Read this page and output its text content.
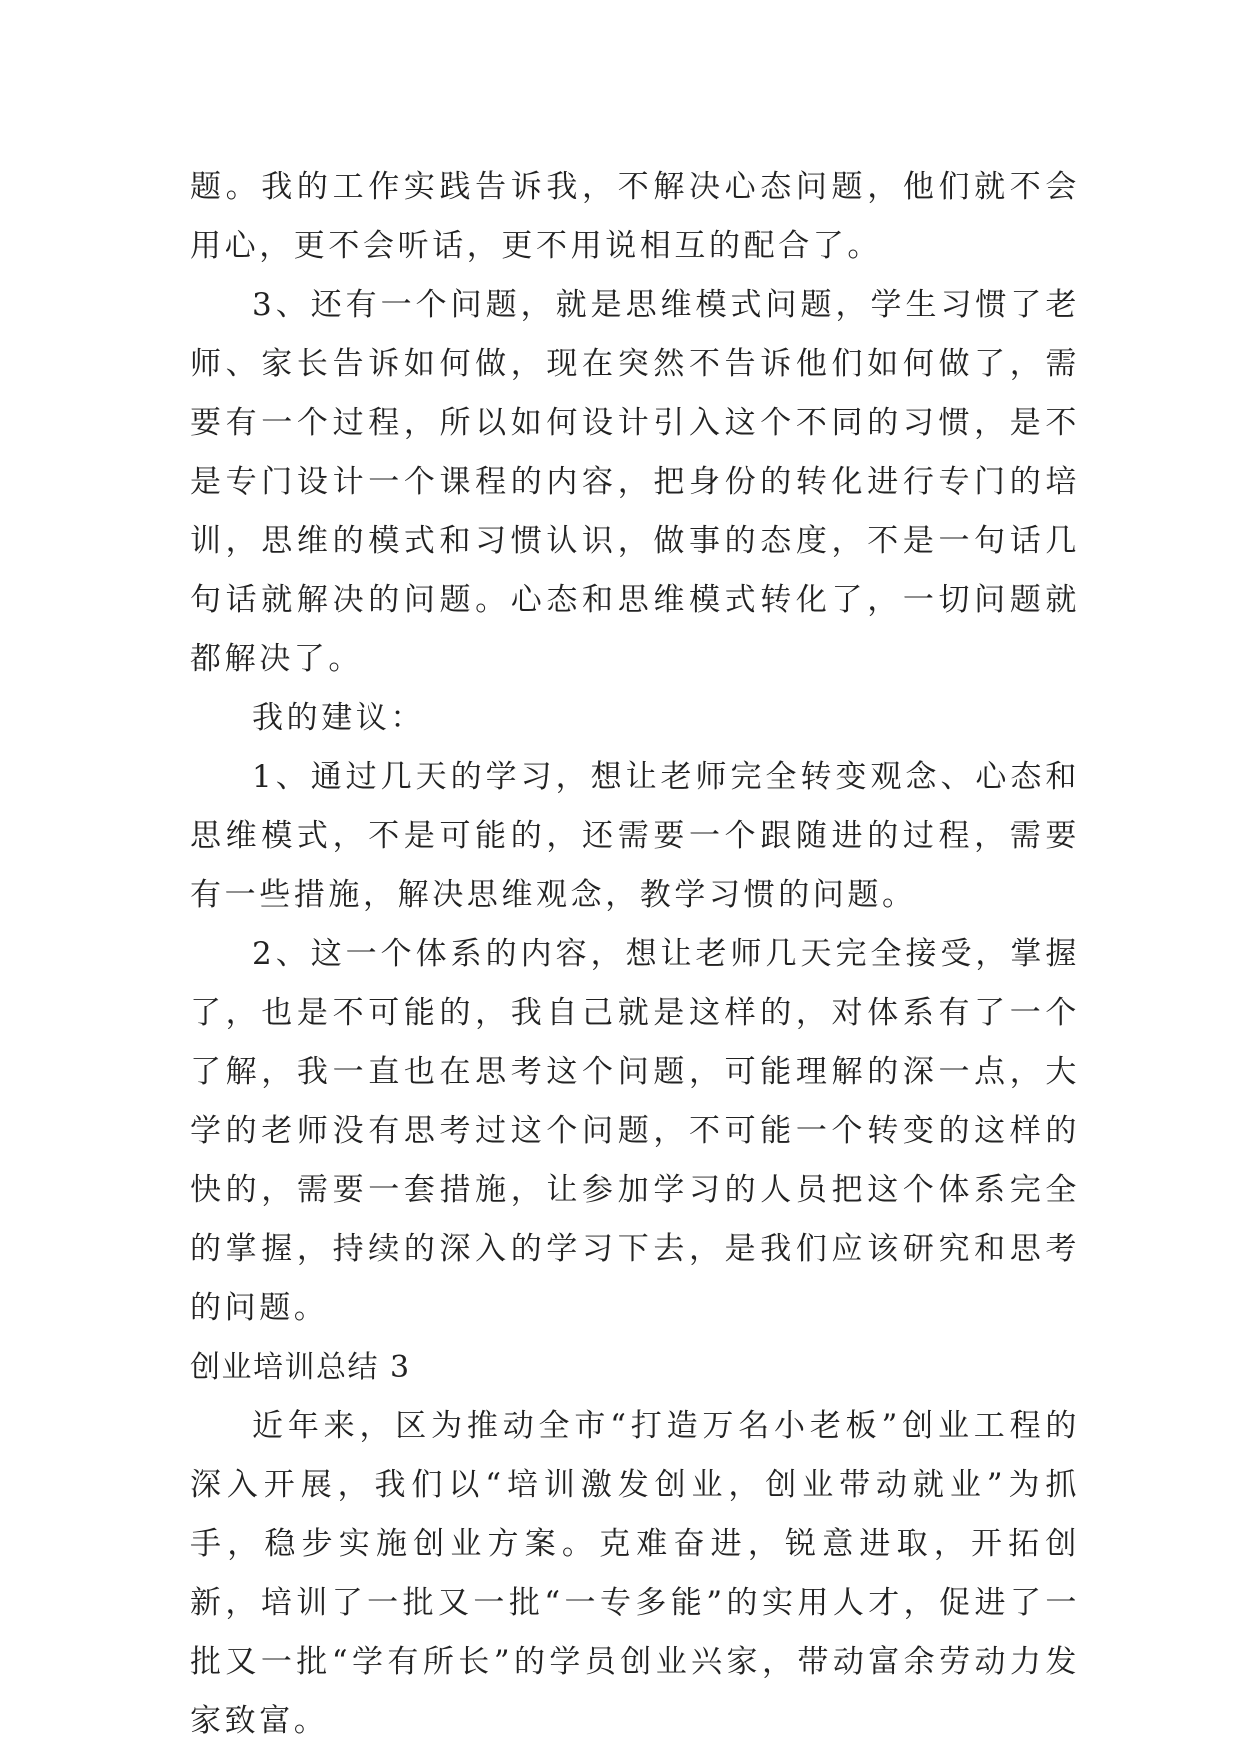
题。我的工作实践告诉我，不解决心态问题，他们就不会用心，更不会听话，更不用说相互的配合了。

3、还有一个问题，就是思维模式问题，学生习惯了老师、家长告诉如何做，现在突然不告诉他们如何做了，需要有一个过程，所以如何设计引入这个不同的习惯，是不是专门设计一个课程的内容，把身份的转化进行专门的培训，思维的模式和习惯认识，做事的态度，不是一句话几句话就解决的问题。心态和思维模式转化了，一切问题就都解决了。

我的建议：

1、通过几天的学习，想让老师完全转变观念、心态和思维模式，不是可能的，还需要一个跟随进的过程，需要有一些措施，解决思维观念，教学习惯的问题。

2、这一个体系的内容，想让老师几天完全接受，掌握了，也是不可能的，我自己就是这样的，对体系有了一个了解，我一直也在思考这个问题，可能理解的深一点，大学的老师没有思考过这个问题，不可能一个转变的这样的快的，需要一套措施，让参加学习的人员把这个体系完全的掌握，持续的深入的学习下去，是我们应该研究和思考的问题。

创业培训总结 3

近年来，区为推动全市“打造万名小老板”创业工程的深入开展，我们以“培训激发创业，创业带动就业”为抓手，稳步实施创业方案。克难奋进，锐意进取，开拓创新，培训了一批又一批“一专多能”的实用人才，促进了一批又一批“学有所长”的学员创业兴家，带动富余劳动力发家致富。
